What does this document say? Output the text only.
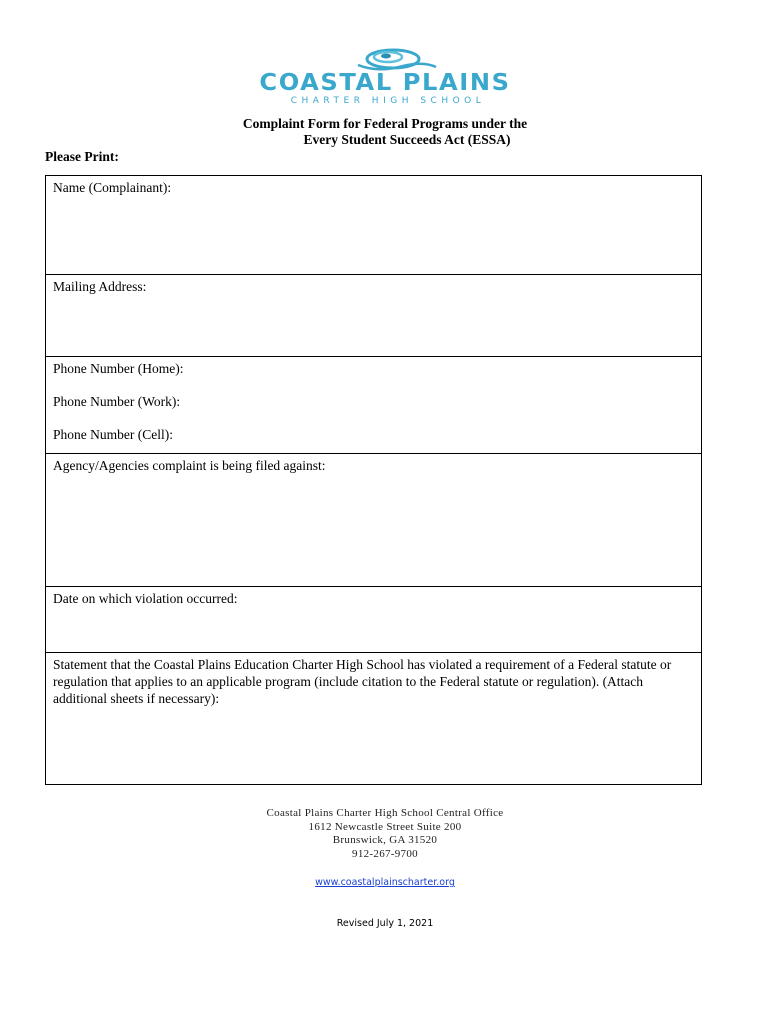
COASTAL PLAINS
CHARTER HIGH SCHOOL
Complaint Form for Federal Programs under the
Every Student Succeeds Act (ESSA)
Please Print:
Name (Complainant):
Mailing Address:
Phone Number (Home):
Phone Number (Work):
Phone Number (Cell):
Agency/Agencies complaint is being filed against:
Date on which violation occurred:
Statement that the Coastal Plains Education Charter High School has violated a requirement of a Federal statute or regulation that applies to an applicable program (include citation to the Federal statute or regulation). (Attach additional sheets if necessary):
Coastal Plains Charter High School Central Office
1612 Newcastle Street Suite 200
Brunswick, GA 31520
912-267-9700
www.coastalplainscharter.org
Revised July 1, 2021
